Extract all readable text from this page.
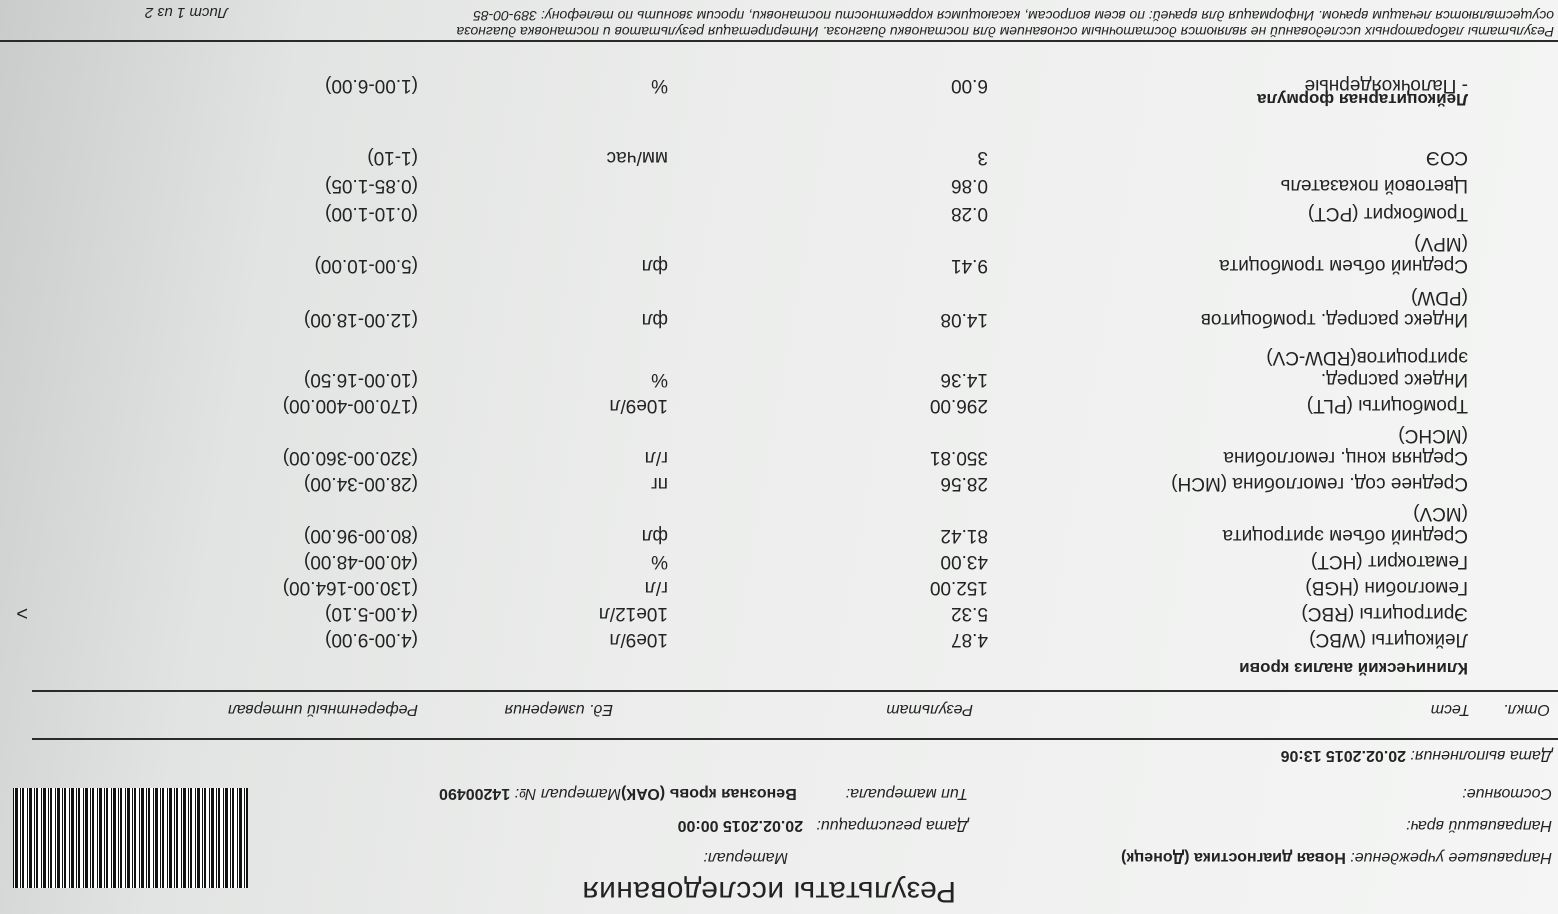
Результаты исследования
Направившее учреждение: Новая диагностика (Донецк)
Материал:
Направивший врач:
Дата регистрации:   20.02.2015 00:00
Состояние:
Тип материала:           Венозная кровь (ОАК)Материал №: 14200490
Дата выполнения: 20.02.2015 13:06
Откл.
Тест
Результат
Ед. измерения
Референтный интервал
Клинический анализ крови
Лейкоцитарная формула
Лейкоциты (WBC)
4.87
10e9/л
(4.00-9.00)
>	Эритроциты (RBC)
5.32
10e12/л
(4.00-5.10)
Гемоглобин (HGB)
152.00
г/л
(130.00-164.00)
Гематокрит (HCT)
43.00
%
(40.00-48.00)
Средний объем эритроцита
(MCV)
81.42
фл
(80.00-96.00)
Среднее сод. гемоглобина (MCH)
28.56
пг
(28.00-34.00)
Средняя конц. гемоглобина
(MCHC)
350.81
г/л
(320.00-360.00)
Тромбоциты (PLT)
296.00
10e9/л
(170.00-400.00)
Индекс распред.
эритроцитов(RDW-CV)
14.36
%
(10.00-16.50)
Индекс распред. тромбоцитов
(PDW)
14.08
фл
(12.00-18.00)
Средний объем тромбоцита
(MPV)
9.41
фл
(5.00-10.00)
Тромбокрит (PCT)
0.28
(0.10-1.00)
Цветовой показатель
0.86
(0.85-1.05)
СОЭ
3
мм/час
(1-10)
- Палочкоядерные
6.00
%
(1.00-6.00)
Результаты лабораторных исследований не являются достаточным основанием для постановки диагноза. Интерпретация результатов и постановка диагноза
осуществляются лечащим врачом. Информация для врачей: по всем вопросам, касающимся корректности постановки, просим звонить по телефону: 389-00-85
Лист 1 из 2
